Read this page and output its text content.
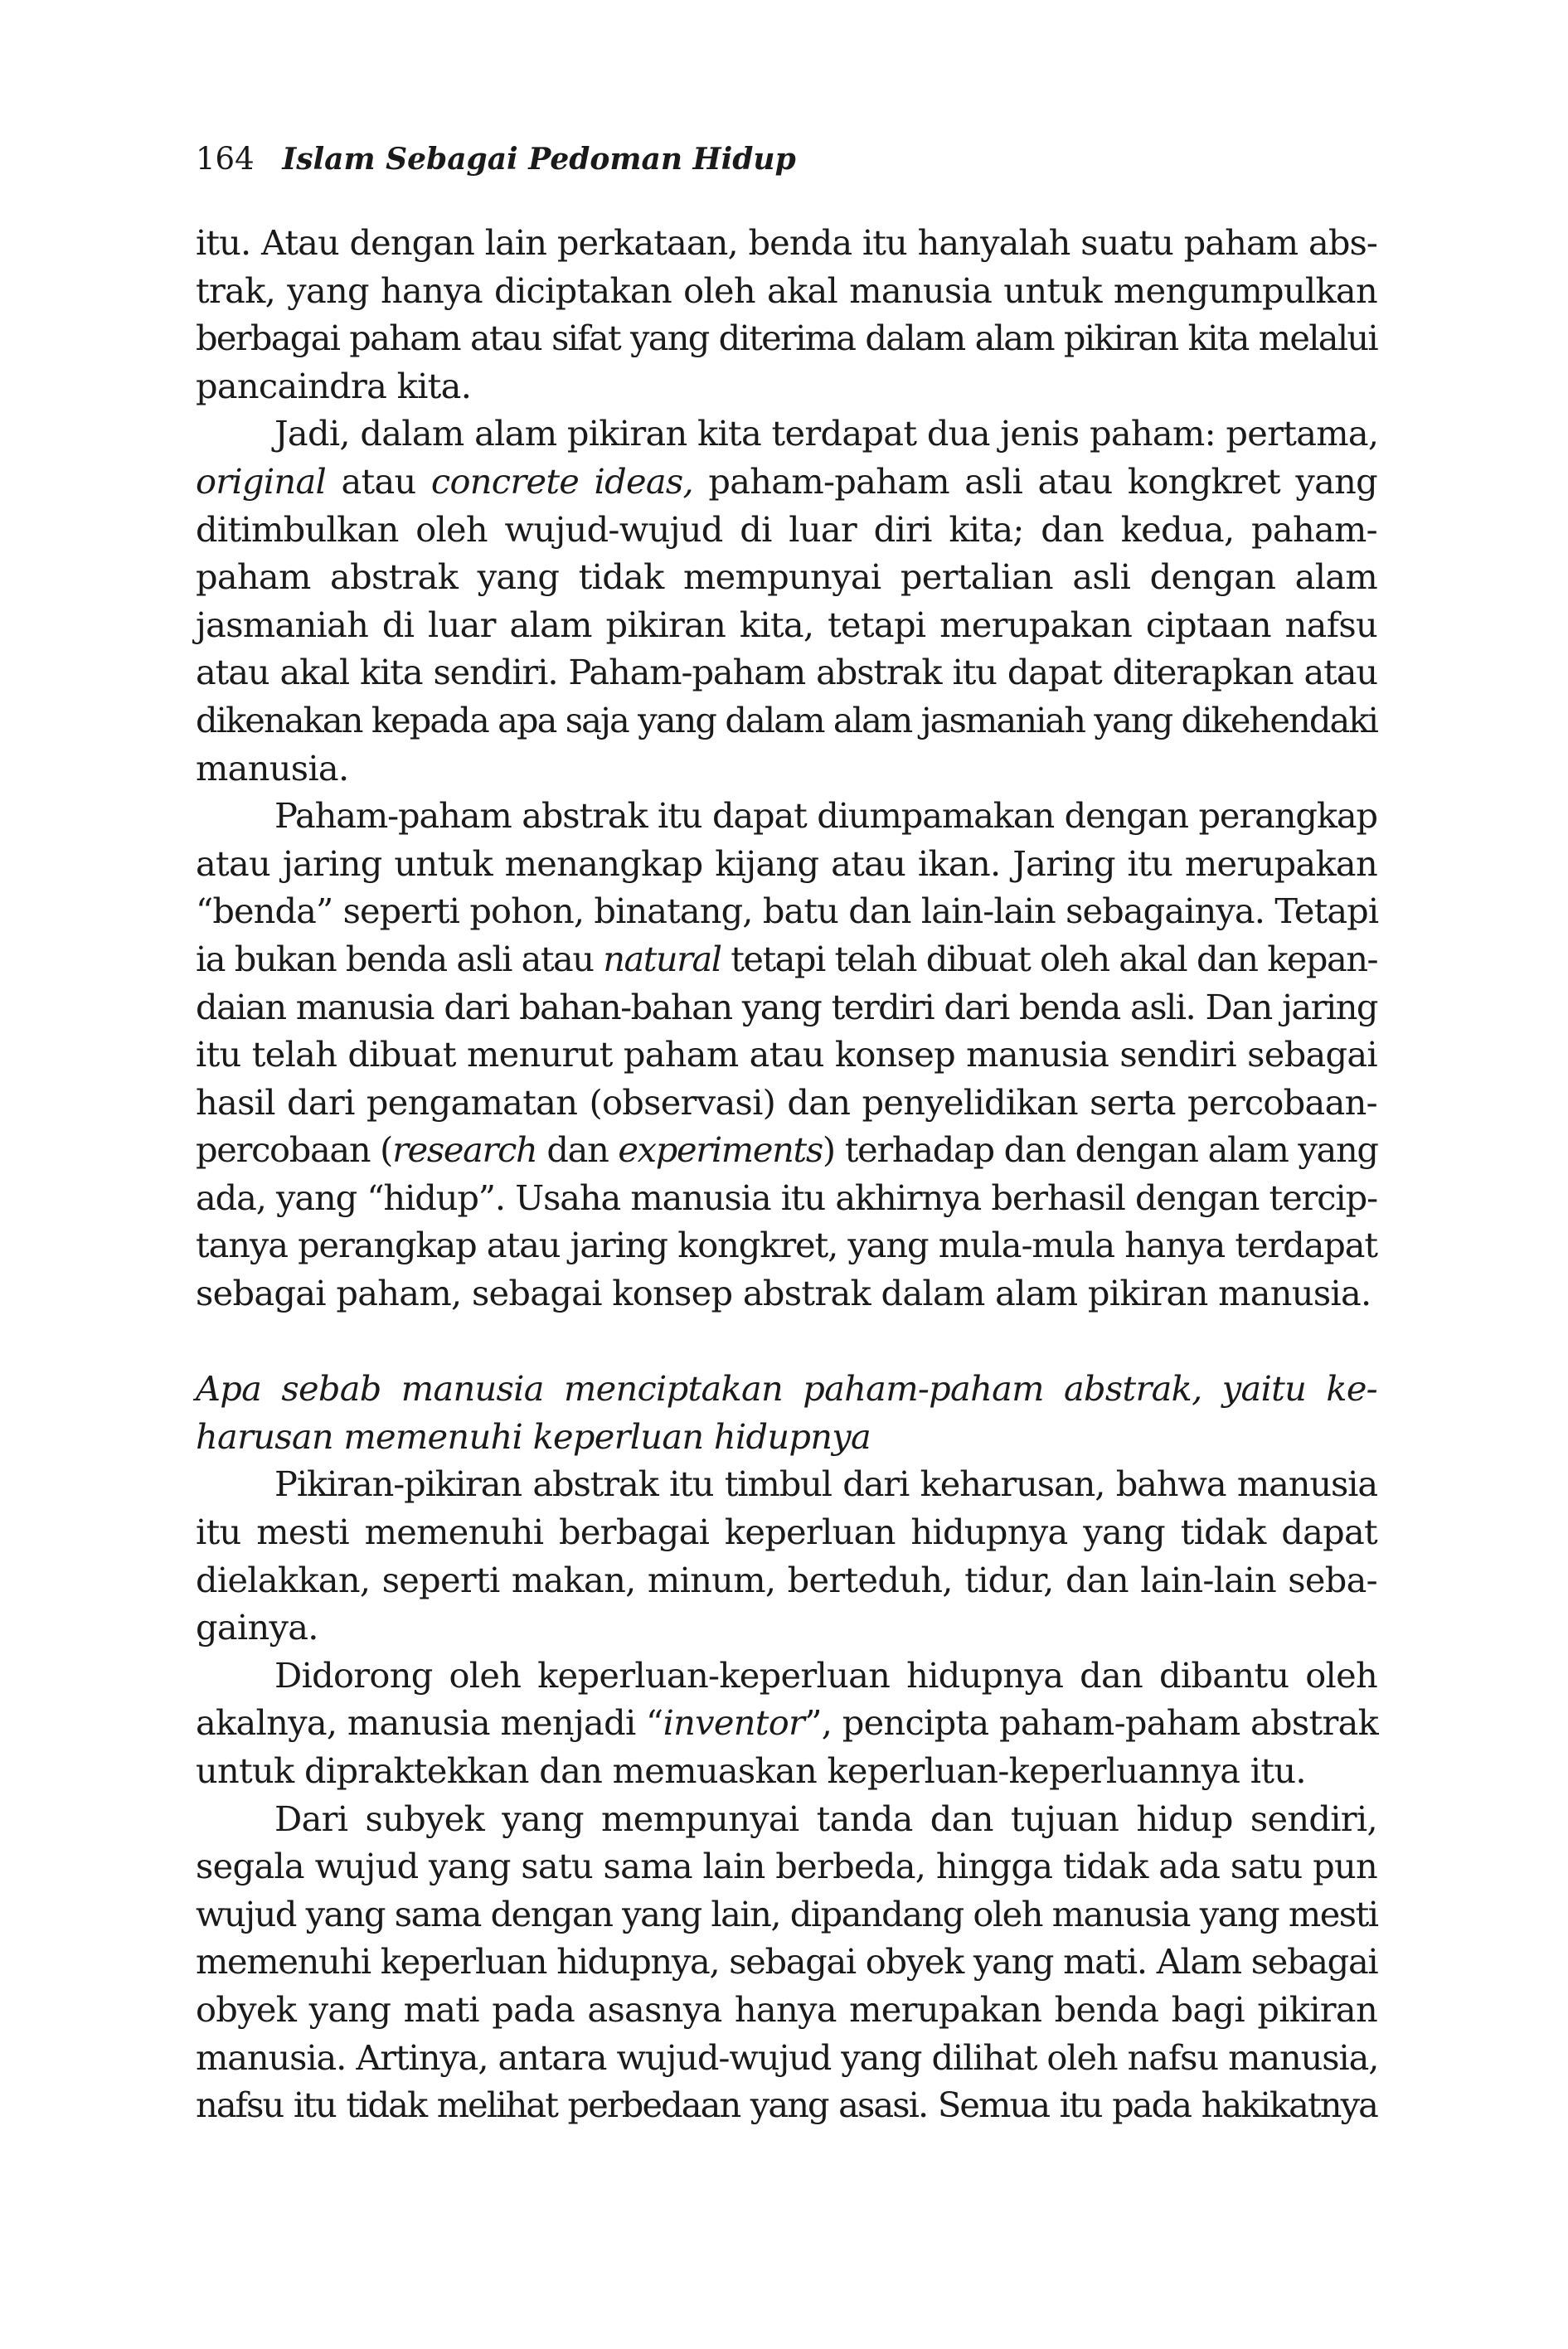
164 Islam Sebagai Pedoman Hidup
itu. Atau dengan lain perkataan, benda itu hanyalah suatu paham abs-
trak, yang hanya diciptakan oleh akal manusia untuk mengumpulkan
berbagai paham atau sifat yang diterima dalam alam pikiran kita melalui
pancaindra kita.
Jadi, dalam alam pikiran kita terdapat dua jenis paham: pertama,
original atau concrete ideas, paham-paham asli atau kongkret yang
ditimbulkan oleh wujud-wujud di luar diri kita; dan kedua, paham-
paham abstrak yang tidak mempunyai pertalian asli dengan alam
jasmaniah di luar alam pikiran kita, tetapi merupakan ciptaan nafsu
atau akal kita sendiri. Paham-paham abstrak itu dapat diterapkan atau
dikenakan kepada apa saja yang dalam alam jasmaniah yang dikehendaki
manusia.
Paham-paham abstrak itu dapat diumpamakan dengan perangkap
atau jaring untuk menangkap kijang atau ikan. Jaring itu merupakan
“benda” seperti pohon, binatang, batu dan lain-lain sebagainya. Tetapi
ia bukan benda asli atau natural tetapi telah dibuat oleh akal dan kepan-
daian manusia dari bahan-bahan yang terdiri dari benda asli. Dan jaring
itu telah dibuat menurut paham atau konsep manusia sendiri sebagai
hasil dari pengamatan (observasi) dan penyelidikan serta percobaan-
percobaan (research dan experiments) terhadap dan dengan alam yang
ada, yang “hidup”. Usaha manusia itu akhirnya berhasil dengan tercip-
tanya perangkap atau jaring kongkret, yang mula-mula hanya terdapat
sebagai paham, sebagai konsep abstrak dalam alam pikiran manusia.
Apa sebab manusia menciptakan paham-paham abstrak, yaitu ke-
harusan memenuhi keperluan hidupnya
Pikiran-pikiran abstrak itu timbul dari keharusan, bahwa manusia
itu mesti memenuhi berbagai keperluan hidupnya yang tidak dapat
dielakkan, seperti makan, minum, berteduh, tidur, dan lain-lain seba-
gainya.
Didorong oleh keperluan-keperluan hidupnya dan dibantu oleh
akalnya, manusia menjadi “inventor”, pencipta paham-paham abstrak
untuk dipraktekkan dan memuaskan keperluan-keperluannya itu.
Dari subyek yang mempunyai tanda dan tujuan hidup sendiri,
segala wujud yang satu sama lain berbeda, hingga tidak ada satu pun
wujud yang sama dengan yang lain, dipandang oleh manusia yang mesti
memenuhi keperluan hidupnya, sebagai obyek yang mati. Alam sebagai
obyek yang mati pada asasnya hanya merupakan benda bagi pikiran
manusia. Artinya, antara wujud-wujud yang dilihat oleh nafsu manusia,
nafsu itu tidak melihat perbedaan yang asasi. Semua itu pada hakikatnya
